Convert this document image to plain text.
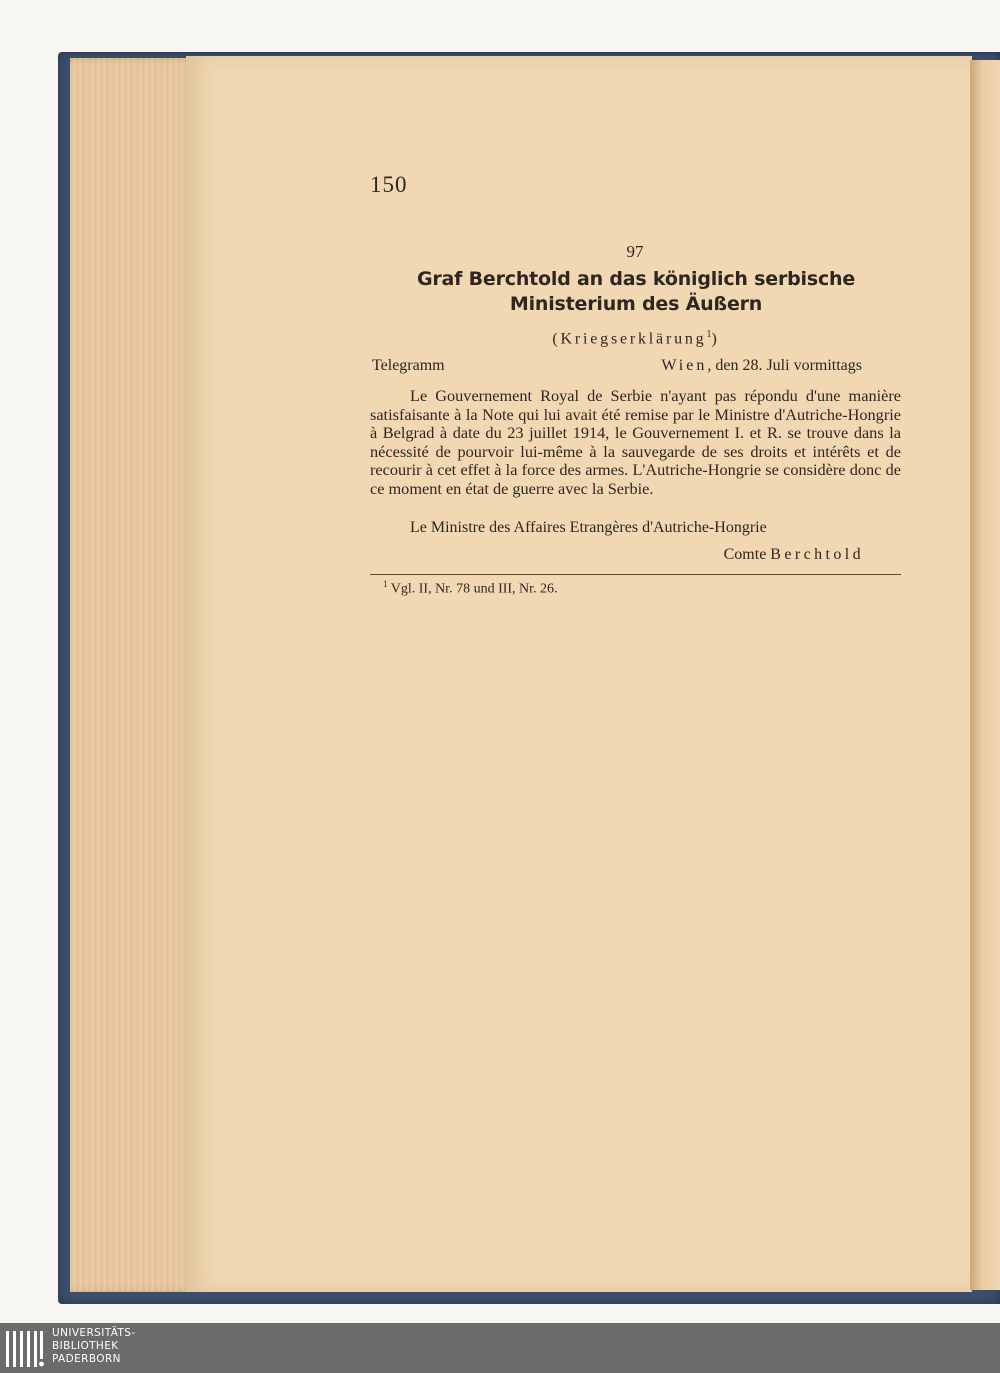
150
97
Graf Berchtold an das königlich serbische Ministerium des Äußern
(Kriegserklärung$^1$)
Telegramm	Wien, den 28. Juli vormittags
Le Gouvernement Royal de Serbie n'ayant pas répondu d'une manière satisfaisante à la Note qui lui avait été remise par le Ministre d'Autriche-Hongrie à Belgrad à date du 23 juillet 1914, le Gouvernement I. et R. se trouve dans la nécessité de pourvoir lui-même à la sauvegarde de ses droits et intérêts et de recourir à cet effet à la force des armes. L'Autriche-Hongrie se considère donc de ce moment en état de guerre avec la Serbie.
Le Ministre des Affaires Etrangères d'Autriche-Hongrie
Comte Berchtold
$^1$ Vgl. II, Nr. 78 und III, Nr. 26.
UNIVERSITÄTS-
BIBLIOTHEK
PADERBORN
